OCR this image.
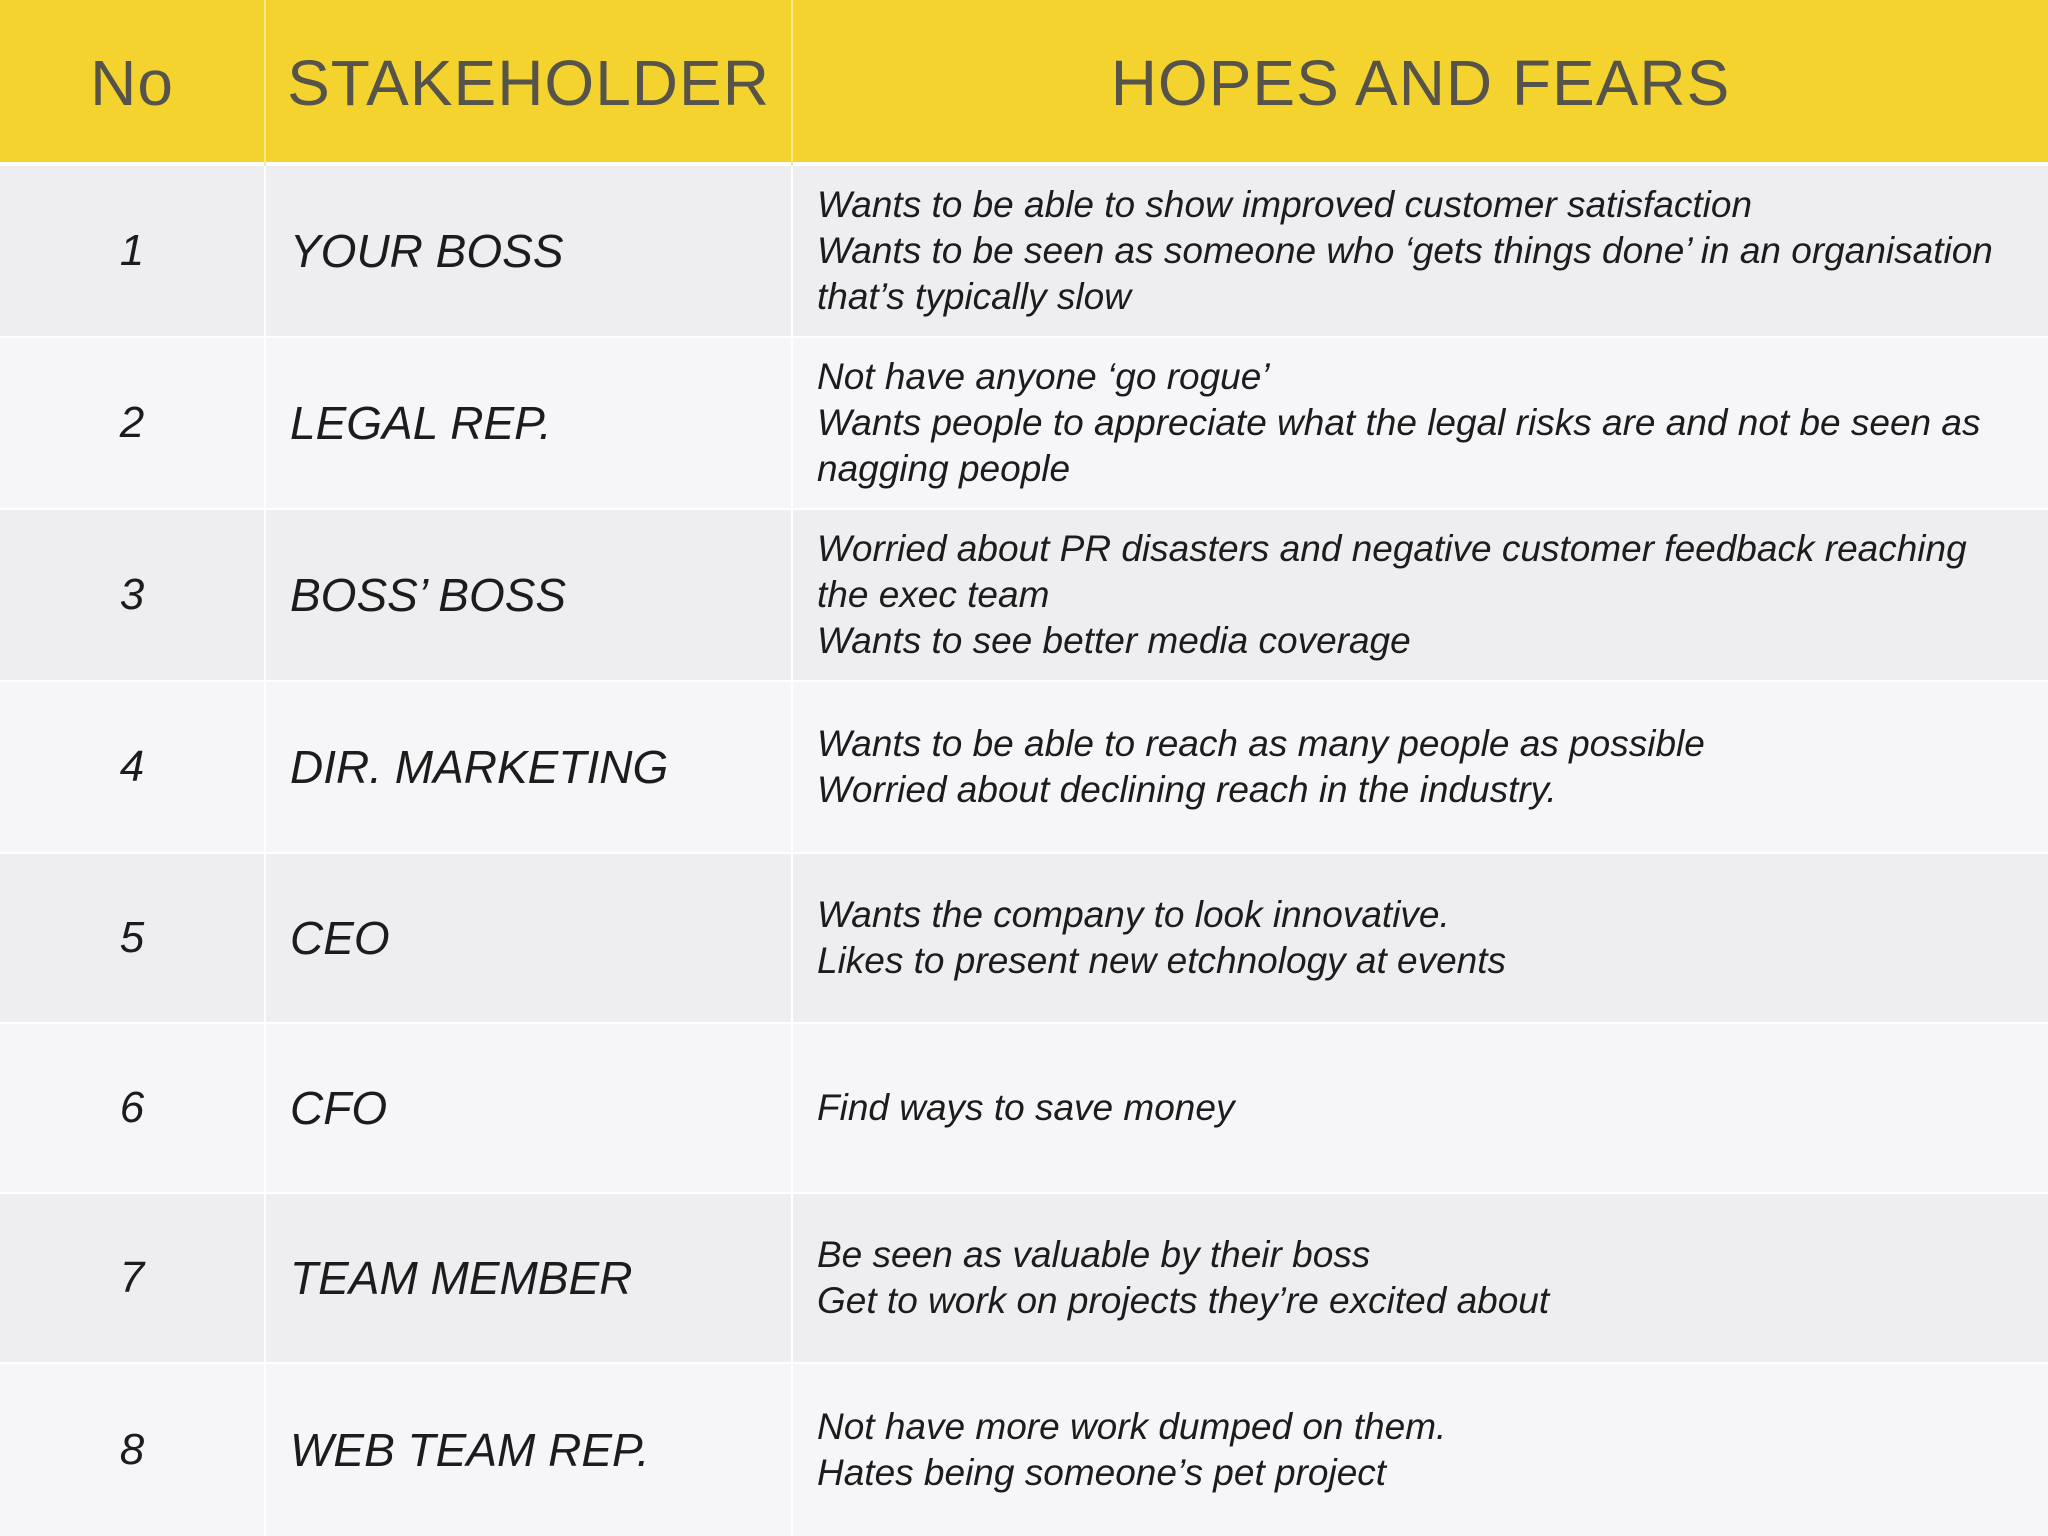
No	STAKEHOLDER	HOPES AND FEARS
1	YOUR BOSS
Wants to be able to show improved customer satisfaction
Wants to be seen as someone who ‘gets things done’ in an organisation
that’s typically slow
2	LEGAL REP.
Not have anyone ‘go rogue’
Wants people to appreciate what the legal risks are and not be seen as
nagging people
3	BOSS’ BOSS
Worried about PR disasters and negative customer feedback reaching
the exec team
Wants to see better media coverage
4	DIR. MARKETING	Wants to be able to reach as many people as possible
Worried about declining reach in the industry.
5	CEO	Wants the company to look innovative.
Likes to present new etchnology at events
6	CFO	Find ways to save money
7	TEAM MEMBER	Be seen as valuable by their boss
Get to work on projects they’re excited about
8	WEB TEAM REP.	Not have more work dumped on them.
Hates being someone’s pet project
